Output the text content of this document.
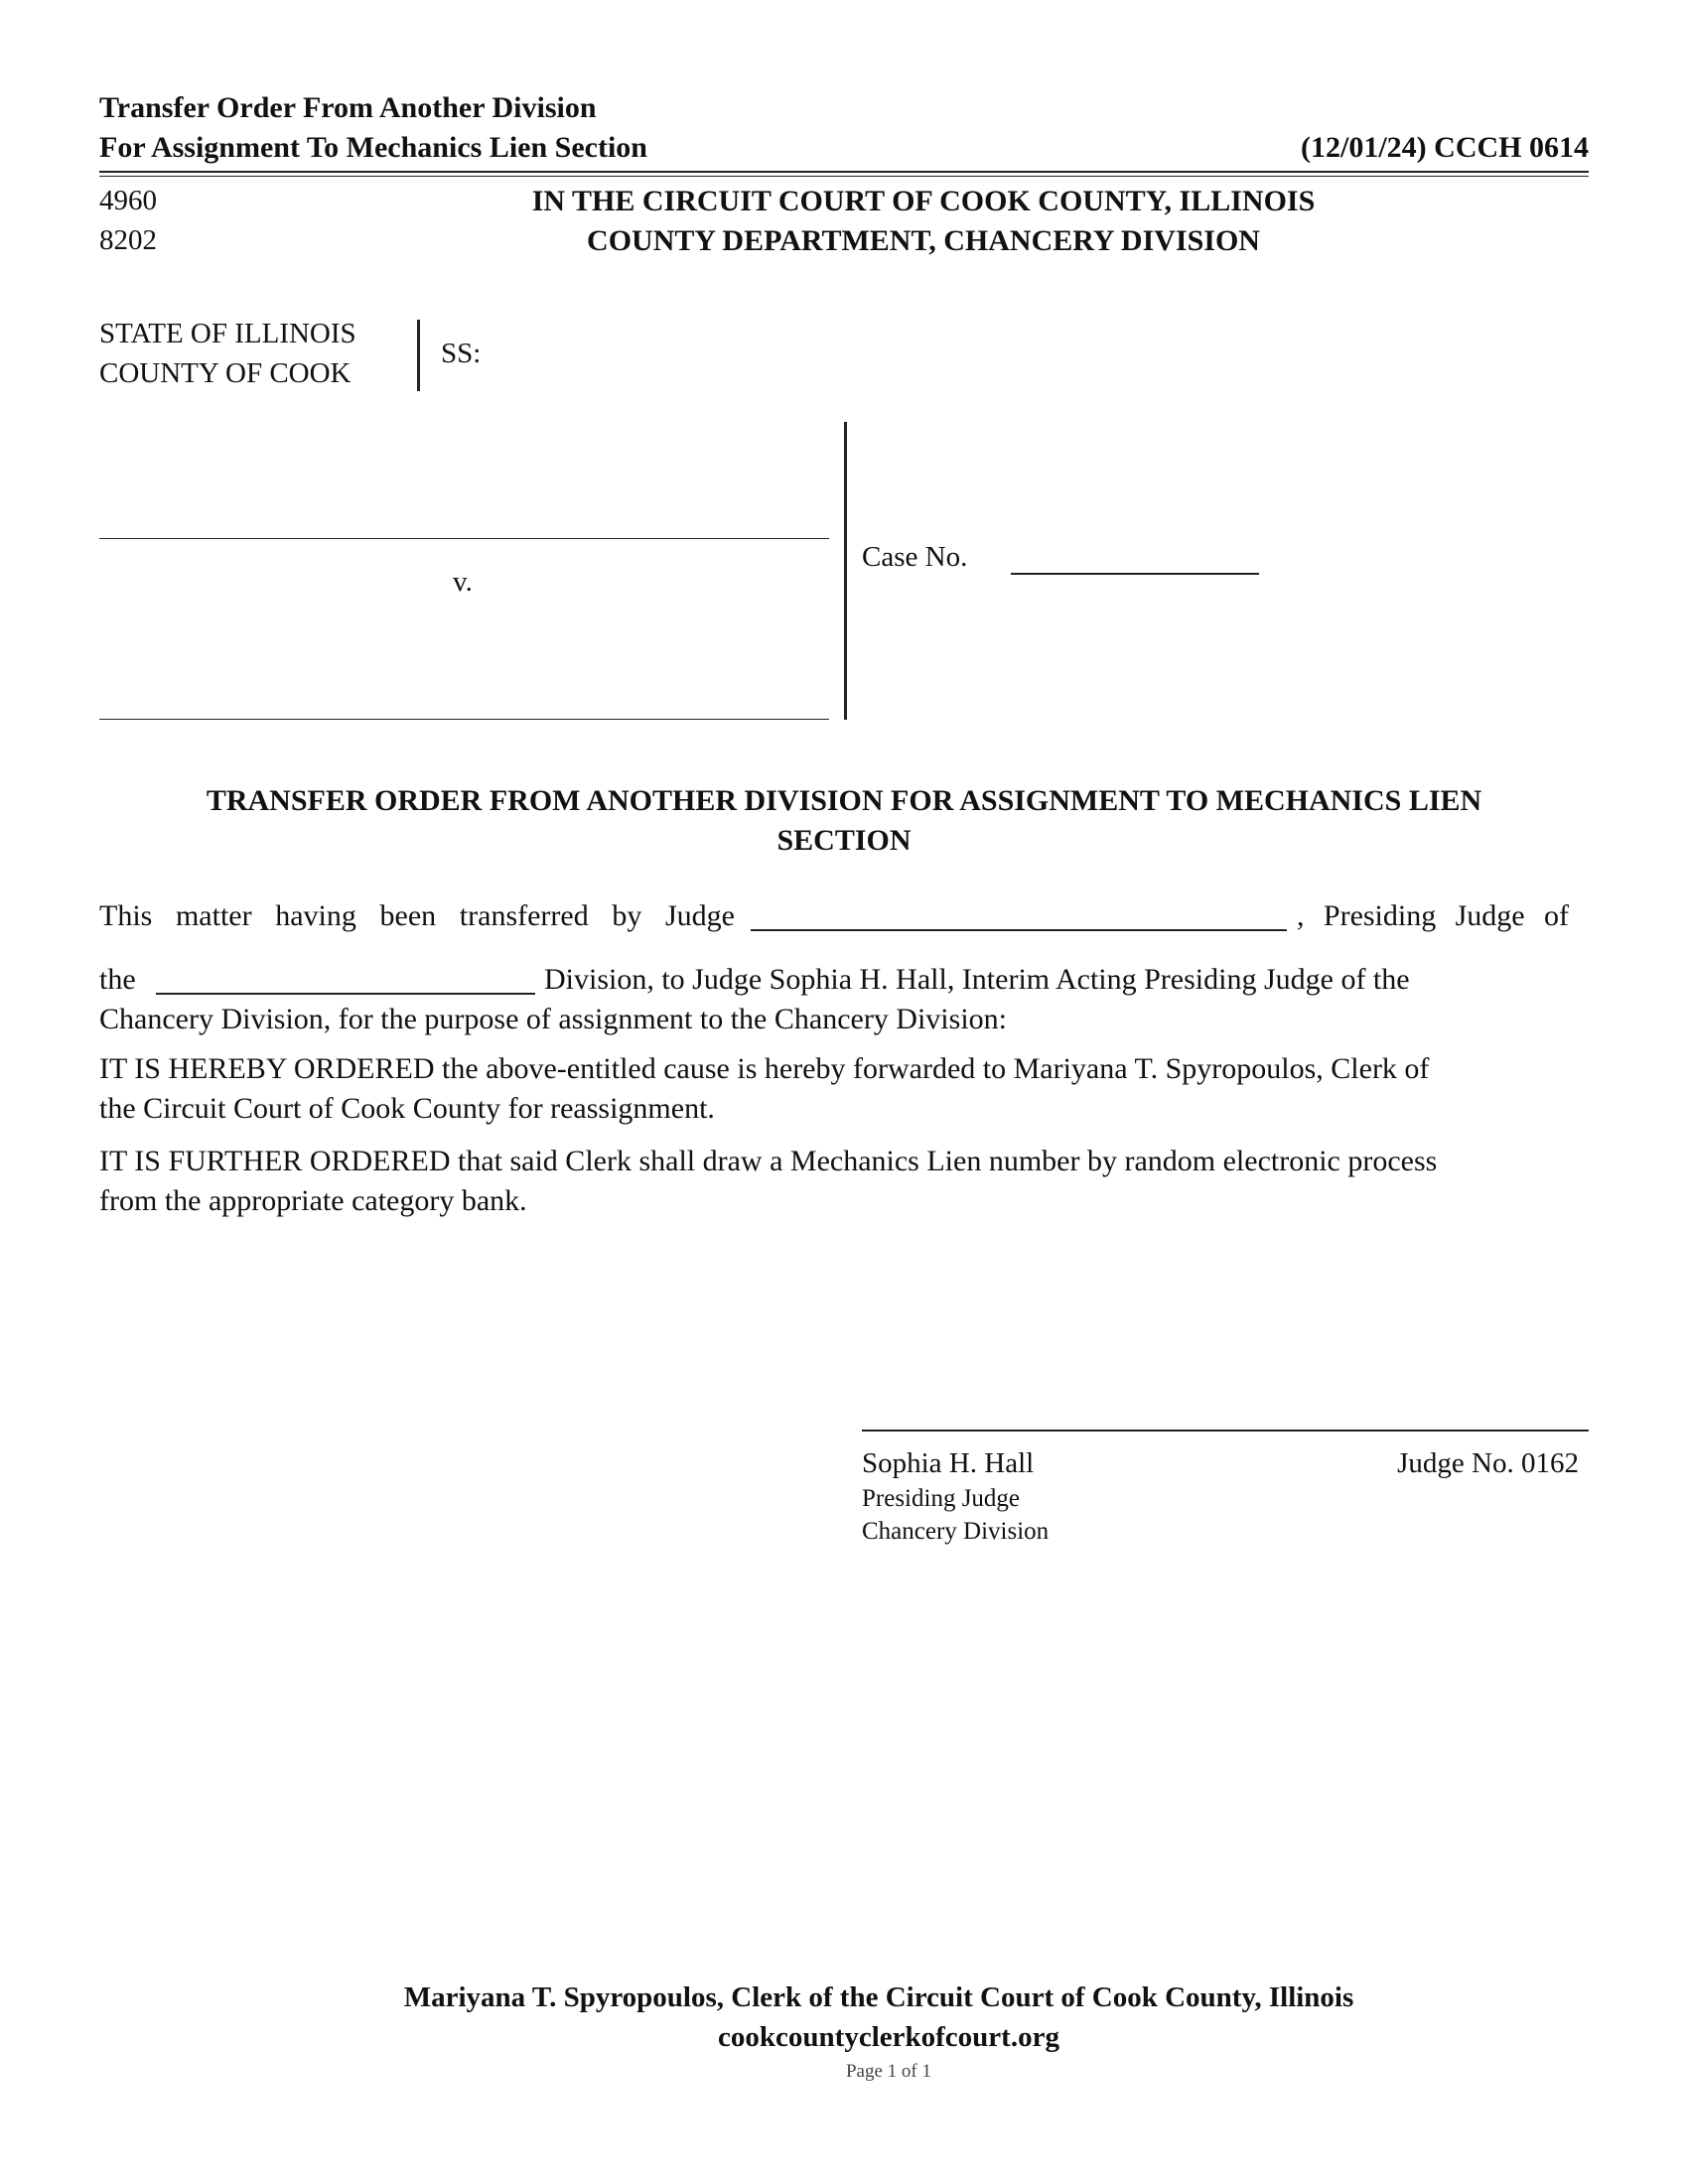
Transfer Order From Another Division
For Assignment To Mechanics Lien Section	(12/01/24) CCCH 0614
4960
8202
IN THE CIRCUIT COURT OF COOK COUNTY, ILLINOIS
COUNTY DEPARTMENT, CHANCERY DIVISION
STATE OF ILLINOIS
COUNTY OF COOK
SS:
v.
Case No.
TRANSFER ORDER FROM ANOTHER DIVISION FOR ASSIGNMENT TO MECHANICS LIEN
SECTION
This matter having been transferred by Judge	, Presiding Judge of
the	Division, to Judge Sophia H. Hall, Interim Acting Presiding Judge of the
Chancery Division, for the purpose of assignment to the Chancery Division:
IT IS HEREBY ORDERED the above-entitled cause is hereby forwarded to Mariyana T. Spyropoulos, Clerk of
the Circuit Court of Cook County for reassignment.
IT IS FURTHER ORDERED that said Clerk shall draw a Mechanics Lien number by random electronic process
from the appropriate category bank.
Sophia H. Hall
Presiding Judge
Chancery Division
Judge No. 0162
Mariyana T. Spyropoulos, Clerk of the Circuit Court of Cook County, Illinois
cookcountyclerkofcourt.org
Page 1 of 1
